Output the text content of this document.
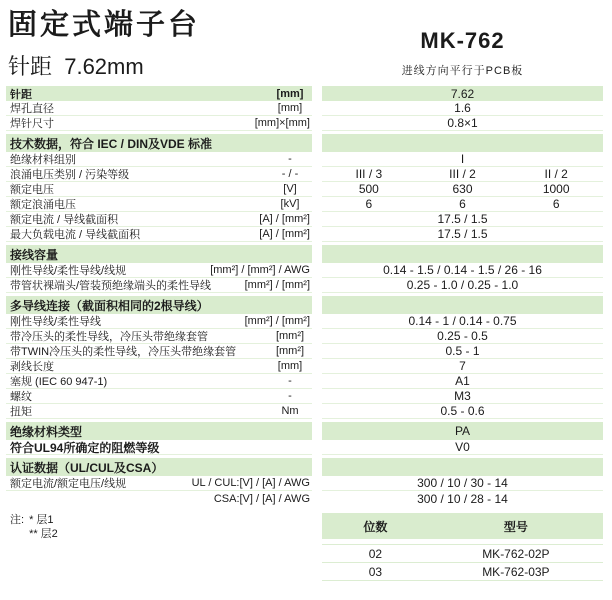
固定式端子台
针距  7.62mm
MK-762
进线方向平行于PCB板
针距	[mm]	7.62
焊孔直径	[mm]	1.6
焊针尺寸	[mm]×[mm]	0.8×1
技术数据，符合 IEC / DIN及VDE 标准
绝缘材料组别	-	I
浪涌电压类别 / 污染等级	- / -	III / 3	III / 2	II / 2
额定电压	[V]	500	630	1000
额定浪涌电压	[kV]	6	6	6
额定电流 / 导线截面积	[A] / [mm²]	17.5 / 1.5
最大负载电流 / 导线截面积	[A] / [mm²]	17.5 / 1.5
接线容量
刚性导线/柔性导线/线规	[mm²] / [mm²] / AWG	0.14 - 1.5 / 0.14 - 1.5 / 26 - 16
带管状裸端头/管装预绝缘端头的柔性导线	[mm²] / [mm²]	0.25 - 1.0 / 0.25 - 1.0
多导线连接（截面积相同的2根导线）
刚性导线/柔性导线	[mm²] / [mm²]	0.14 - 1 / 0.14 - 0.75
带冷压头的柔性导线，冷压头带绝缘套管	[mm²]	0.25 - 0.5
带TWIN冷压头的柔性导线，冷压头带绝缘套管	[mm²]	0.5 - 1
剥线长度	[mm]	7
塞规 (IEC 60 947-1)	-	A1
螺纹	-	M3
扭矩	Nm	0.5 - 0.6
绝缘材料类型	PA
符合UL94所确定的阻燃等级	V0
认证数据（UL/CUL及CSA）
额定电流/额定电压/线规	UL / CUL:[V] / [A] / AWG	300 / 10 / 30 - 14
CSA:[V] / [A] / AWG	300 / 10 / 28 - 14
注: * 层1
** 层2
位数	型号
02	MK-762-02P
03	MK-762-03P
